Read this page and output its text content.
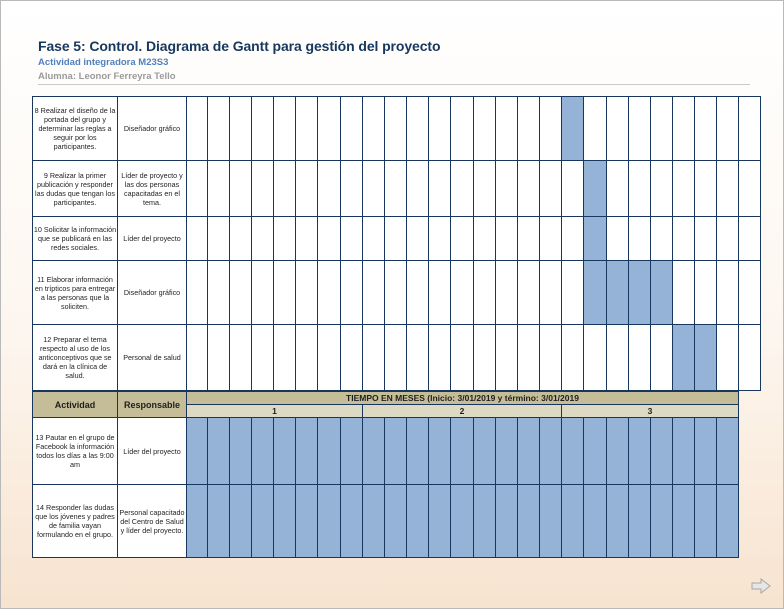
Fase 5: Control. Diagrama de Gantt para gestión del proyecto

Actividad integradora M23S3

Alumna: Leonor Ferreyra Tello

8 Realizar el diseño de la portada del grupo y determinar las reglas a seguir por los participantes.	Diseñador gráfico																										
9 Realizar la primer publicación y responder las dudas que tengan los participantes.	Líder de proyecto y las dos personas capacitadas en el tema.																										
10 Solicitar la información que se publicará en las redes sociales.	Líder del proyecto																										
11 Elaborar información en trípticos para entregar a las personas que la soliciten.	Diseñador gráfico																										
12 Preparar el tema respecto al uso de los anticonceptivos que se dará en la clínica de salud.	Personal de salud																										
Actividad	Responsable	TIEMPO EN MESES (Inicio: 3/01/2019 y término: 3/01/2019																								
		1								2									3							
13 Pautar en el grupo de Facebook la información todos los días a las 9:00 am	Líder del proyecto																									
14 Responder las dudas que los jóvenes y padres de familia vayan formulando en el grupo.	Personal capacitado del Centro de Salud y líder del proyecto.																									
